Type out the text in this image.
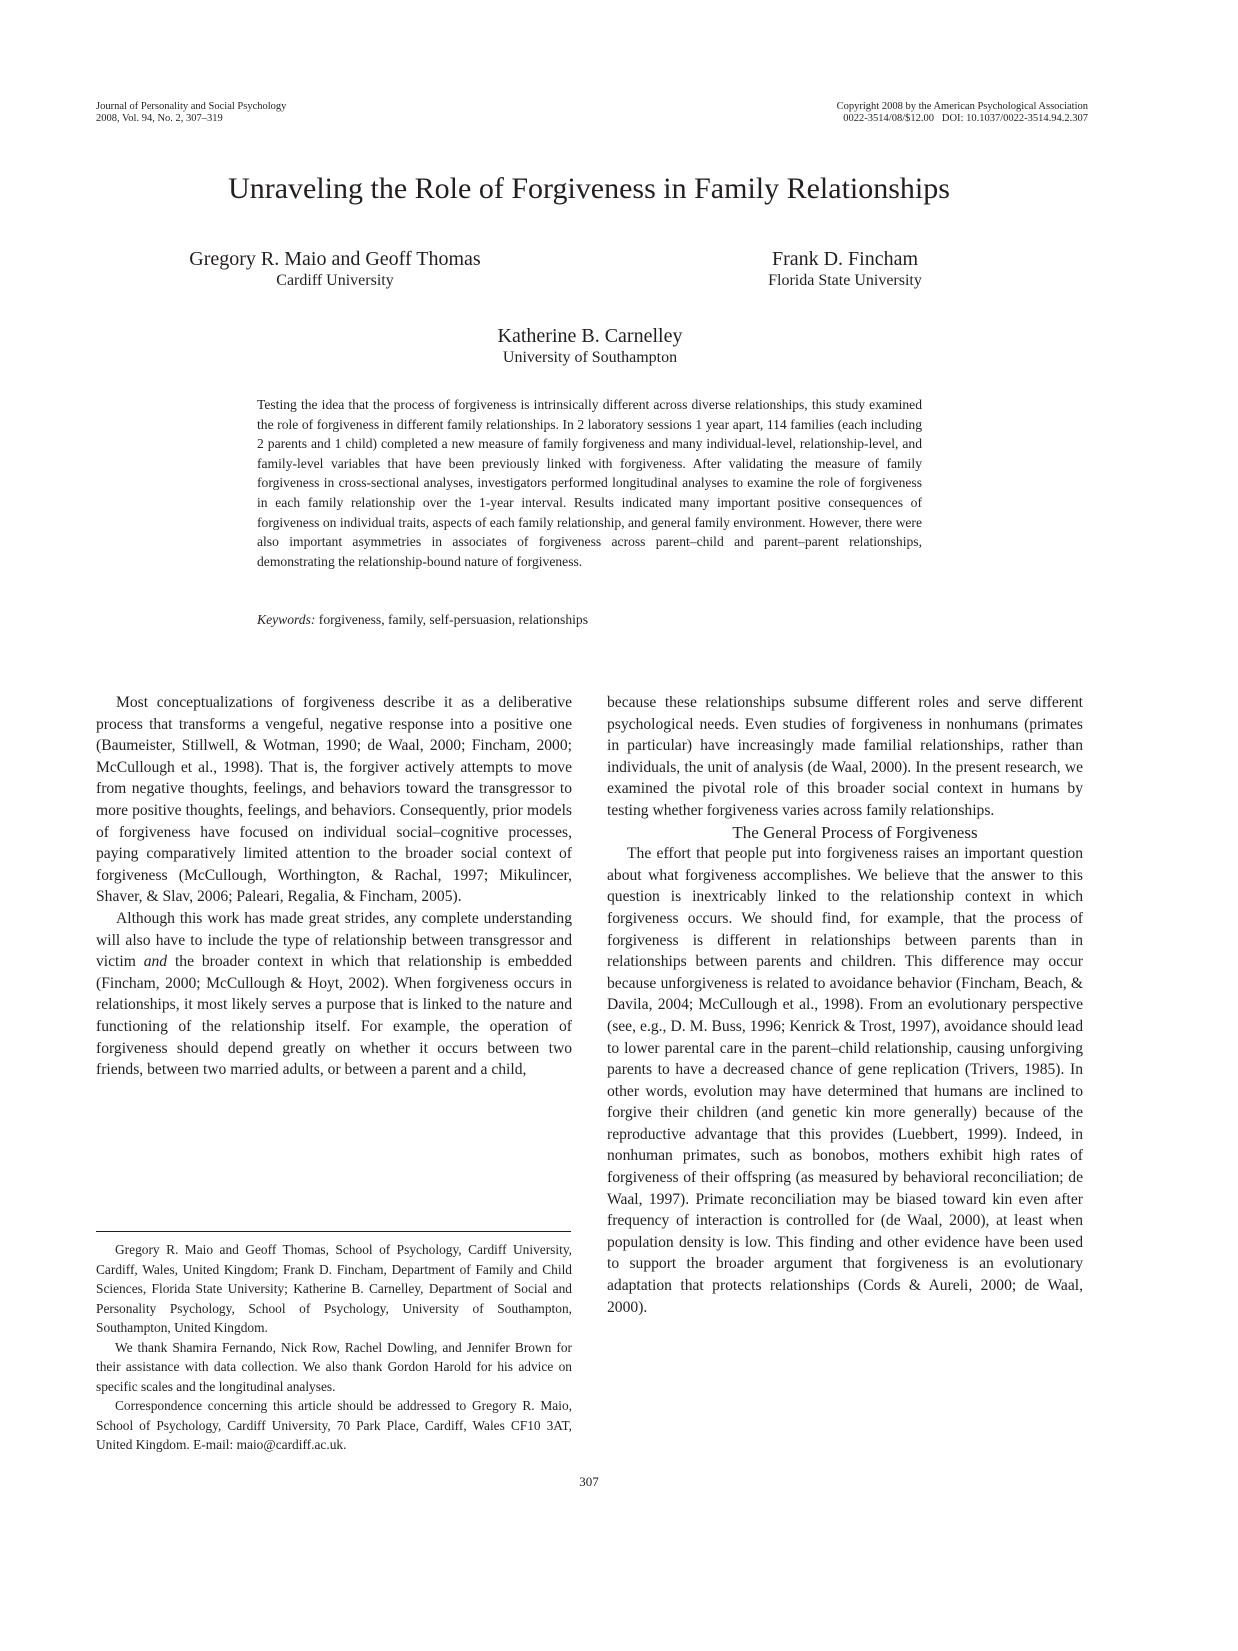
Journal of Personality and Social Psychology
2008, Vol. 94, No. 2, 307–319
Copyright 2008 by the American Psychological Association
0022-3514/08/$12.00   DOI: 10.1037/0022-3514.94.2.307
Unraveling the Role of Forgiveness in Family Relationships
Gregory R. Maio and Geoff Thomas
Cardiff University
Frank D. Fincham
Florida State University
Katherine B. Carnelley
University of Southampton

Testing the idea that the process of forgiveness is intrinsically different across diverse relationships, this study examined the role of forgiveness in different family relationships. In 2 laboratory sessions 1 year apart, 114 families (each including 2 parents and 1 child) completed a new measure of family forgiveness and many individual-level, relationship-level, and family-level variables that have been previously linked with forgiveness. After validating the measure of family forgiveness in cross-sectional analyses, investigators performed longitudinal analyses to examine the role of forgiveness in each family relationship over the 1-year interval. Results indicated many important positive consequences of forgiveness on individual traits, aspects of each family relationship, and general family environment. However, there were also important asymmetries in associates of forgiveness across parent–child and parent–parent relationships, demonstrating the relationship-bound nature of forgiveness.

Keywords: forgiveness, family, self-persuasion, relationships

Most conceptualizations of forgiveness describe it as a deliberative process that transforms a vengeful, negative response into a positive one (Baumeister, Stillwell, & Wotman, 1990; de Waal, 2000; Fincham, 2000; McCullough et al., 1998). That is, the forgiver actively attempts to move from negative thoughts, feelings, and behaviors toward the transgressor to more positive thoughts, feelings, and behaviors. Consequently, prior models of forgiveness have focused on individual social–cognitive processes, paying comparatively limited attention to the broader social context of forgiveness (McCullough, Worthington, & Rachal, 1997; Mikulincer, Shaver, & Slav, 2006; Paleari, Regalia, & Fincham, 2005).

Although this work has made great strides, any complete understanding will also have to include the type of relationship between transgressor and victim and the broader context in which that relationship is embedded (Fincham, 2000; McCullough & Hoyt, 2002). When forgiveness occurs in relationships, it most likely serves a purpose that is linked to the nature and functioning of the relationship itself. For example, the operation of forgiveness should depend greatly on whether it occurs between two friends, between two married adults, or between a parent and a child,

because these relationships subsume different roles and serve different psychological needs. Even studies of forgiveness in nonhumans (primates in particular) have increasingly made familial relationships, rather than individuals, the unit of analysis (de Waal, 2000). In the present research, we examined the pivotal role of this broader social context in humans by testing whether forgiveness varies across family relationships.

The General Process of Forgiveness

The effort that people put into forgiveness raises an important question about what forgiveness accomplishes. We believe that the answer to this question is inextricably linked to the relationship context in which forgiveness occurs. We should find, for example, that the process of forgiveness is different in relationships between parents than in relationships between parents and children. This difference may occur because unforgiveness is related to avoidance behavior (Fincham, Beach, & Davila, 2004; McCullough et al., 1998). From an evolutionary perspective (see, e.g., D. M. Buss, 1996; Kenrick & Trost, 1997), avoidance should lead to lower parental care in the parent–child relationship, causing unforgiving parents to have a decreased chance of gene replication (Trivers, 1985). In other words, evolution may have determined that humans are inclined to forgive their children (and genetic kin more generally) because of the reproductive advantage that this provides (Luebbert, 1999). Indeed, in nonhuman primates, such as bonobos, mothers exhibit high rates of forgiveness of their offspring (as measured by behavioral reconciliation; de Waal, 1997). Primate reconciliation may be biased toward kin even after frequency of interaction is controlled for (de Waal, 2000), at least when population density is low. This finding and other evidence have been used to support the broader argument that forgiveness is an evolutionary adaptation that protects relationships (Cords & Aureli, 2000; de Waal, 2000).

Gregory R. Maio and Geoff Thomas, School of Psychology, Cardiff University, Cardiff, Wales, United Kingdom; Frank D. Fincham, Department of Family and Child Sciences, Florida State University; Katherine B. Carnelley, Department of Social and Personality Psychology, School of Psychology, University of Southampton, Southampton, United Kingdom.

We thank Shamira Fernando, Nick Row, Rachel Dowling, and Jennifer Brown for their assistance with data collection. We also thank Gordon Harold for his advice on specific scales and the longitudinal analyses.

Correspondence concerning this article should be addressed to Gregory R. Maio, School of Psychology, Cardiff University, 70 Park Place, Cardiff, Wales CF10 3AT, United Kingdom. E-mail: maio@cardiff.ac.uk.

307
